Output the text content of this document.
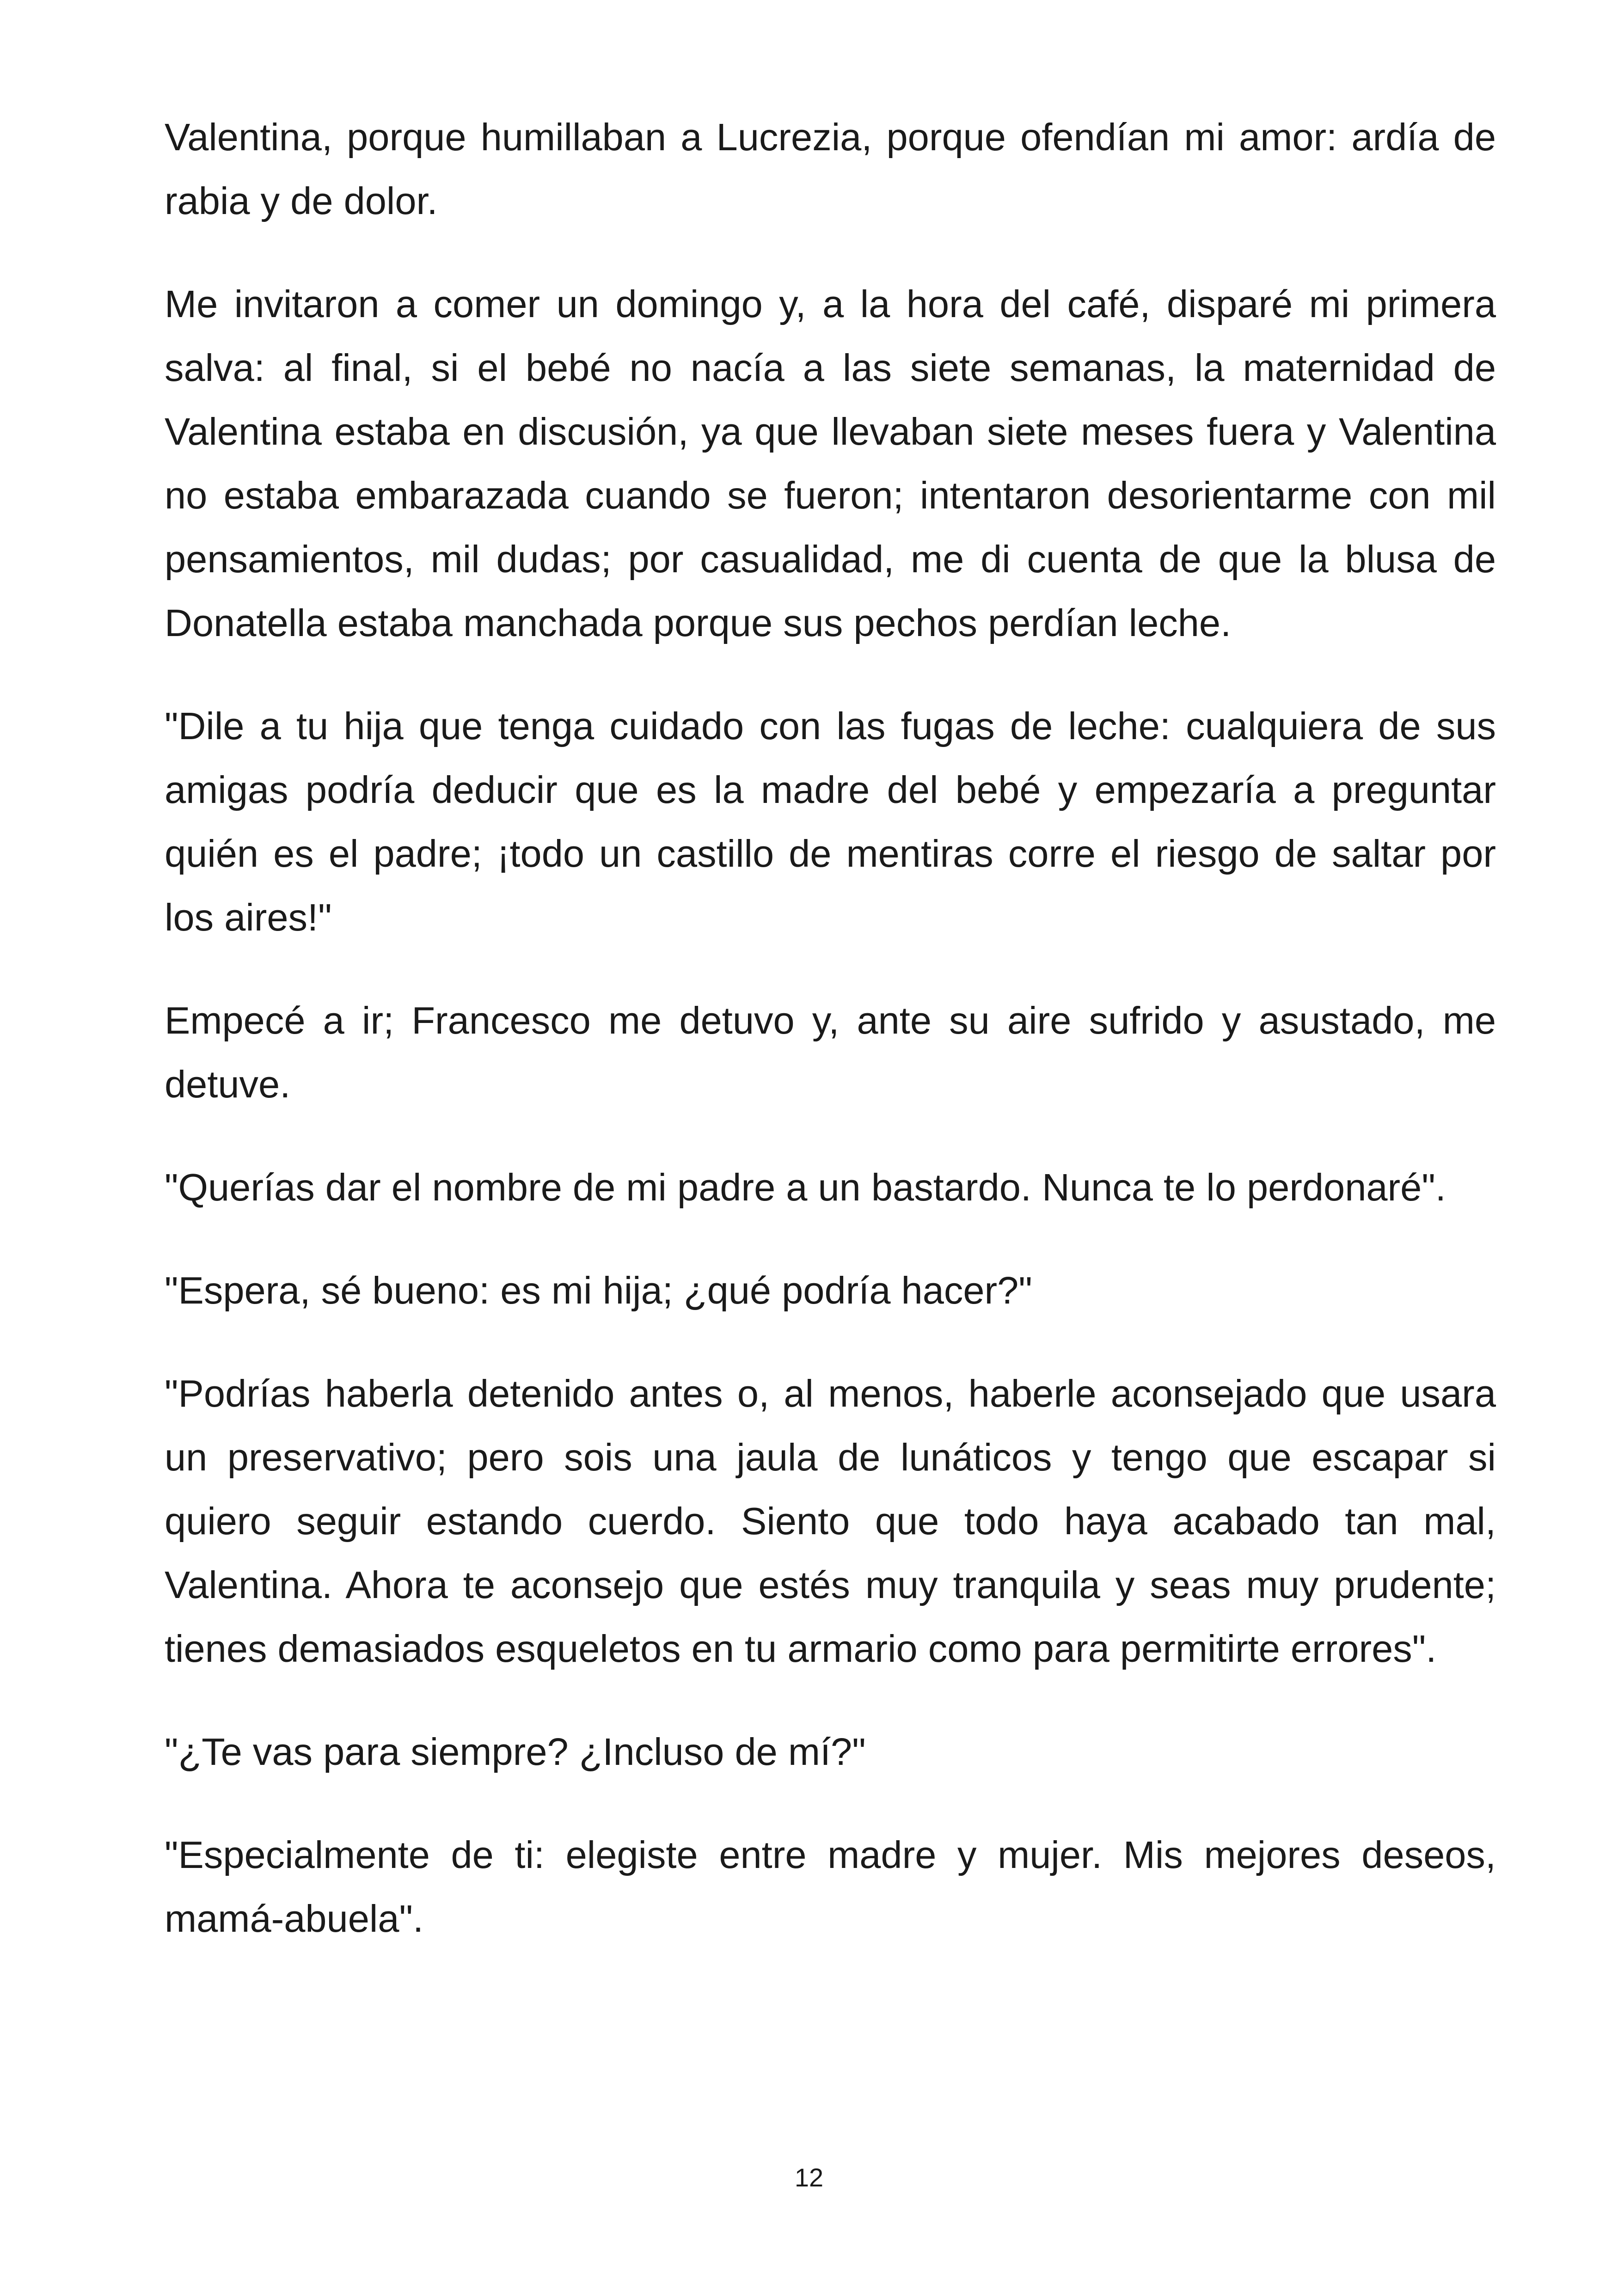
Valentina, porque humillaban a Lucrezia, porque ofendían mi amor: ardía de rabia y de dolor.

Me invitaron a comer un domingo y, a la hora del café, disparé mi primera salva: al final, si el bebé no nacía a las siete semanas, la maternidad de Valentina estaba en discusión, ya que llevaban siete meses fuera y Valentina no estaba embarazada cuando se fueron; intentaron desorientarme con mil pensamientos, mil dudas; por casualidad, me di cuenta de que la blusa de Donatella estaba manchada porque sus pechos perdían leche.

"Dile a tu hija que tenga cuidado con las fugas de leche: cualquiera de sus amigas podría deducir que es la madre del bebé y empezaría a preguntar quién es el padre; ¡todo un castillo de mentiras corre el riesgo de saltar por los aires!"

Empecé a ir; Francesco me detuvo y, ante su aire sufrido y asustado, me detuve.

"Querías dar el nombre de mi padre a un bastardo. Nunca te lo perdonaré".

"Espera, sé bueno: es mi hija; ¿qué podría hacer?"

"Podrías haberla detenido antes o, al menos, haberle aconsejado que usara un preservativo; pero sois una jaula de lunáticos y tengo que escapar si quiero seguir estando cuerdo. Siento que todo haya acabado tan mal, Valentina. Ahora te aconsejo que estés muy tranquila y seas muy prudente; tienes demasiados esqueletos en tu armario como para permitirte errores".

"¿Te vas para siempre? ¿Incluso de mí?"

"Especialmente de ti: elegiste entre madre y mujer. Mis mejores deseos, mamá-abuela".

12
